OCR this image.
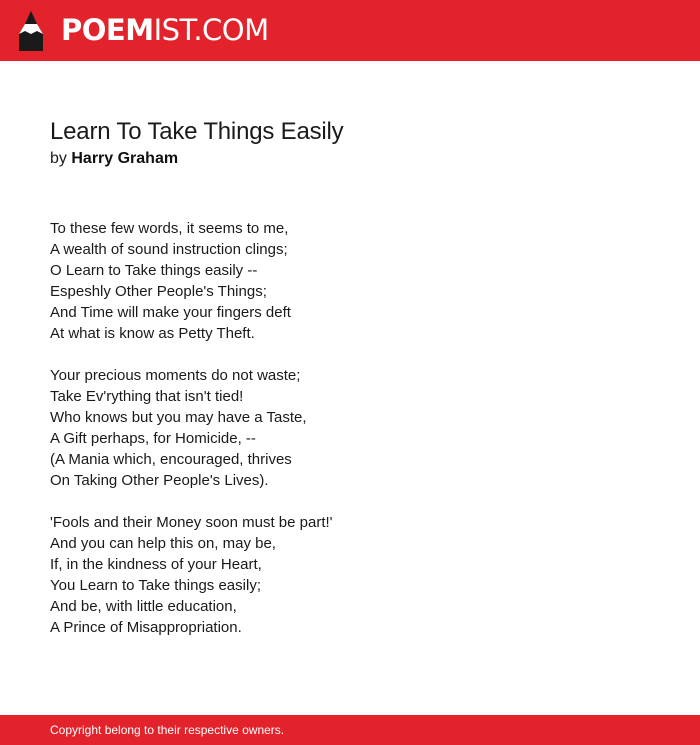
POEMIST.COM
Learn To Take Things Easily
by Harry Graham
To these few words, it seems to me,
A wealth of sound instruction clings;
O Learn to Take things easily --
Espeshly Other People's Things;
And Time will make your fingers deft
At what is know as Petty Theft.
Your precious moments do not waste;
Take Ev'rything that isn't tied!
Who knows but you may have a Taste,
A Gift perhaps, for Homicide, --
(A Mania which, encouraged, thrives
On Taking Other People's Lives).
'Fools and their Money soon must be part!'
And you can help this on, may be,
If, in the kindness of your Heart,
You Learn to Take things easily;
And be, with little education,
A Prince of Misappropriation.
Copyright belong to their respective owners.
